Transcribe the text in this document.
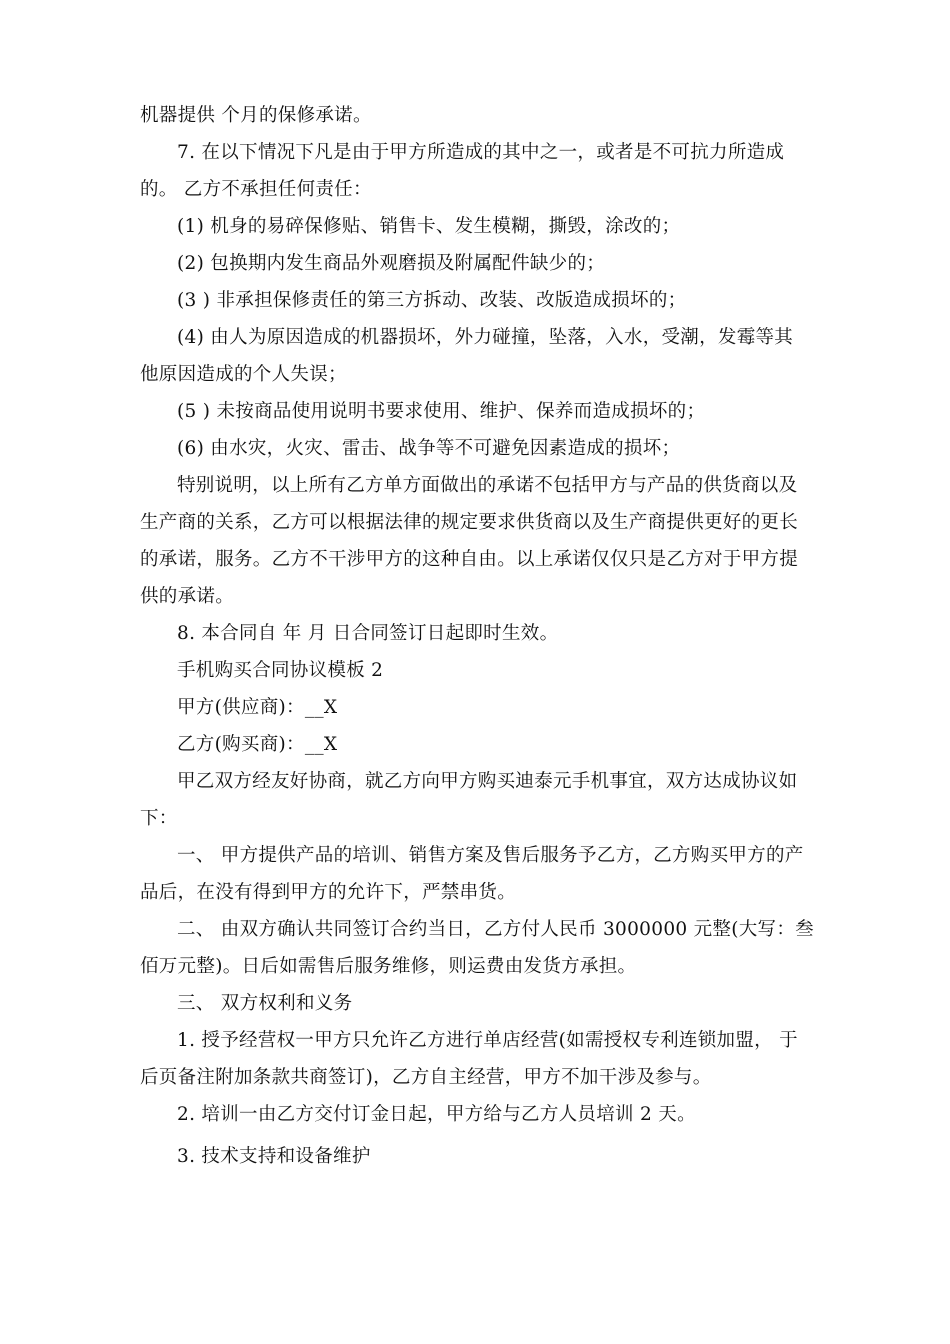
机器提供 个月的保修承诺。
7. 在以下情况下凡是由于甲方所造成的其中之一，或者是不可抗力所造成
的。 乙方不承担任何责任：
(1) 机身的易碎保修贴、销售卡、发生模糊，撕毁，涂改的；
(2) 包换期内发生商品外观磨损及附属配件缺少的；
(3 ) 非承担保修责任的第三方拆动、改装、改版造成损坏的；
(4) 由人为原因造成的机器损坏，外力碰撞，坠落，入水，受潮，发霉等其
他原因造成的个人失误；
(5 ) 未按商品使用说明书要求使用、维护、保养而造成损坏的；
(6) 由水灾，火灾、雷击、战争等不可避免因素造成的损坏；
特别说明，以上所有乙方单方面做出的承诺不包括甲方与产品的供货商以及
生产商的关系，乙方可以根据法律的规定要求供货商以及生产商提供更好的更长
的承诺，服务。乙方不干涉甲方的这种自由。以上承诺仅仅只是乙方对于甲方提
供的承诺。
8. 本合同自 年 月 日合同签订日起即时生效。
手机购买合同协议模板 2
甲方(供应商)：__X
乙方(购买商)：__X
甲乙双方经友好协商，就乙方向甲方购买迪泰元手机事宜，双方达成协议如
下：
一、 甲方提供产品的培训、销售方案及售后服务予乙方，乙方购买甲方的产
品后，在没有得到甲方的允许下，严禁串货。
二、 由双方确认共同签订合约当日，乙方付人民币 3000000 元整(大写：叁
佰万元整)。日后如需售后服务维修，则运费由发货方承担。
三、 双方权利和义务
1. 授予经营权一甲方只允许乙方进行单店经营(如需授权专利连锁加盟， 于
后页备注附加条款共商签订)，乙方自主经营，甲方不加干涉及参与。
2. 培训一由乙方交付订金日起，甲方给与乙方人员培训 2 天。
3. 技术支持和设备维护
